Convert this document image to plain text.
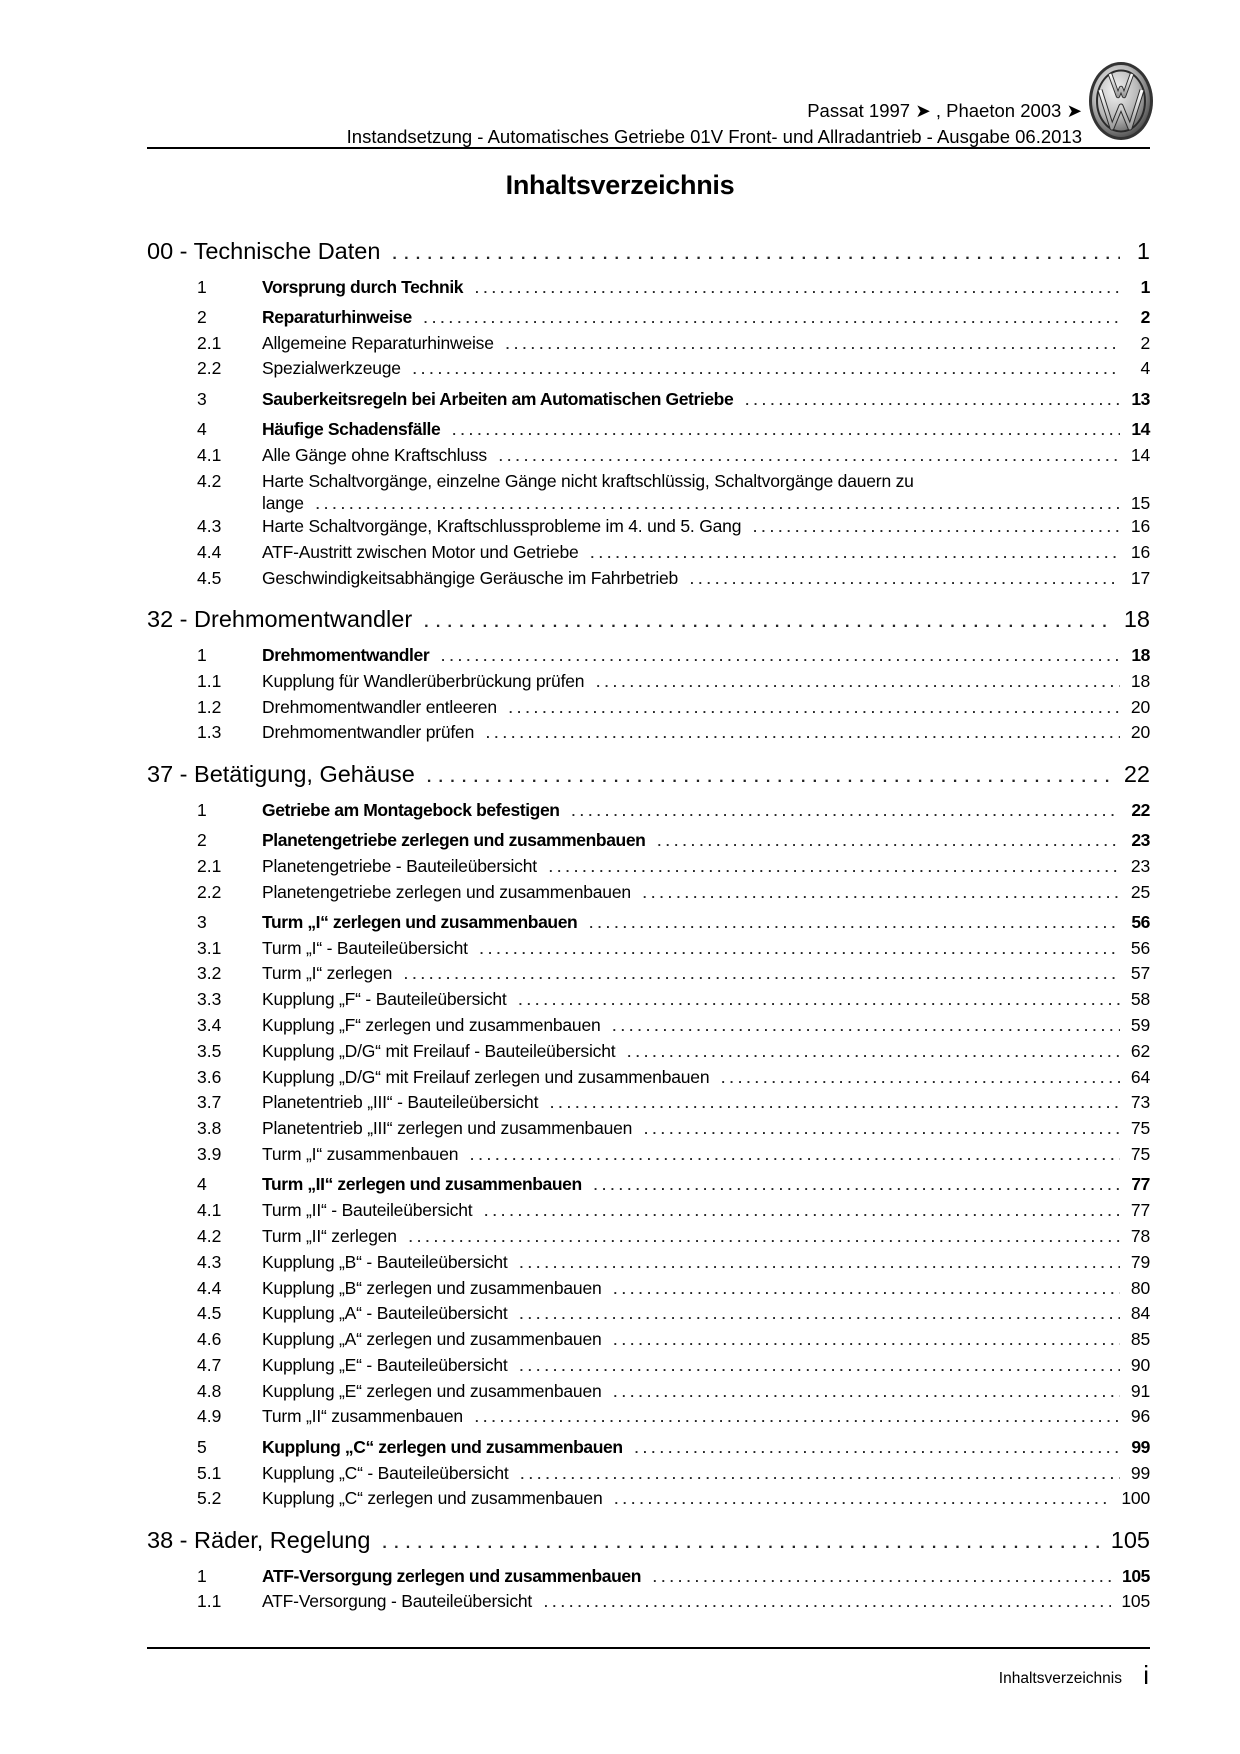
Passat 1997 ➤ , Phaeton 2003 ➤
Instandsetzung - Automatisches Getriebe 01V Front- und Allradantrieb - Ausgabe 06.2013
Inhaltsverzeichnis
00 - Technische Daten . . .	1
1	Vorsprung durch Technik . . .	1
2	Reparaturhinweise . . .	2
2.1	Allgemeine Reparaturhinweise . . .	2
2.2	Spezialwerkzeuge . . .	4
3	Sauberkeitsregeln bei Arbeiten am Automatischen Getriebe . . .	13
4	Häufige Schadensfälle . . .	14
4.1	Alle Gänge ohne Kraftschluss . . .	14
4.2	Harte Schaltvorgänge, einzelne Gänge nicht kraftschlüssig, Schaltvorgänge dauern zu
lange . . .	15
4.3	Harte Schaltvorgänge, Kraftschlussprobleme im 4. und 5. Gang . . .	16
4.4	ATF-Austritt zwischen Motor und Getriebe . . .	16
4.5	Geschwindigkeitsabhängige Geräusche im Fahrbetrieb . . .	17
32 - Drehmomentwandler . . .	18
1	Drehmomentwandler . . .	18
1.1	Kupplung für Wandlerüberbrückung prüfen . . .	18
1.2	Drehmomentwandler entleeren . . .	20
1.3	Drehmomentwandler prüfen . . .	20
37 - Betätigung, Gehäuse . . .	22
1	Getriebe am Montagebock befestigen . . .	22
2	Planetengetriebe zerlegen und zusammenbauen . . .	23
2.1	Planetengetriebe - Bauteileübersicht . . .	23
2.2	Planetengetriebe zerlegen und zusammenbauen . . .	25
3	Turm „I“ zerlegen und zusammenbauen . . .	56
3.1	Turm „I“ - Bauteileübersicht . . .	56
3.2	Turm „I“ zerlegen . . .	57
3.3	Kupplung „F“ - Bauteileübersicht . . .	58
3.4	Kupplung „F“ zerlegen und zusammenbauen . . .	59
3.5	Kupplung „D/G“ mit Freilauf - Bauteileübersicht . . .	62
3.6	Kupplung „D/G“ mit Freilauf zerlegen und zusammenbauen . . .	64
3.7	Planetentrieb „III“ - Bauteileübersicht . . .	73
3.8	Planetentrieb „III“ zerlegen und zusammenbauen . . .	75
3.9	Turm „I“ zusammenbauen . . .	75
4	Turm „II“ zerlegen und zusammenbauen . . .	77
4.1	Turm „II“ - Bauteileübersicht . . .	77
4.2	Turm „II“ zerlegen . . .	78
4.3	Kupplung „B“ - Bauteileübersicht . . .	79
4.4	Kupplung „B“ zerlegen und zusammenbauen . . .	80
4.5	Kupplung „A“ - Bauteileübersicht . . .	84
4.6	Kupplung „A“ zerlegen und zusammenbauen . . .	85
4.7	Kupplung „E“ - Bauteileübersicht . . .	90
4.8	Kupplung „E“ zerlegen und zusammenbauen . . .	91
4.9	Turm „II“ zusammenbauen . . .	96
5	Kupplung „C“ zerlegen und zusammenbauen . . .	99
5.1	Kupplung „C“ - Bauteileübersicht . . .	99
5.2	Kupplung „C“ zerlegen und zusammenbauen . . .	100
38 - Räder, Regelung . . .	105
1	ATF-Versorgung zerlegen und zusammenbauen . . .	105
1.1	ATF-Versorgung - Bauteileübersicht . . .	105
Inhaltsverzeichnis i
